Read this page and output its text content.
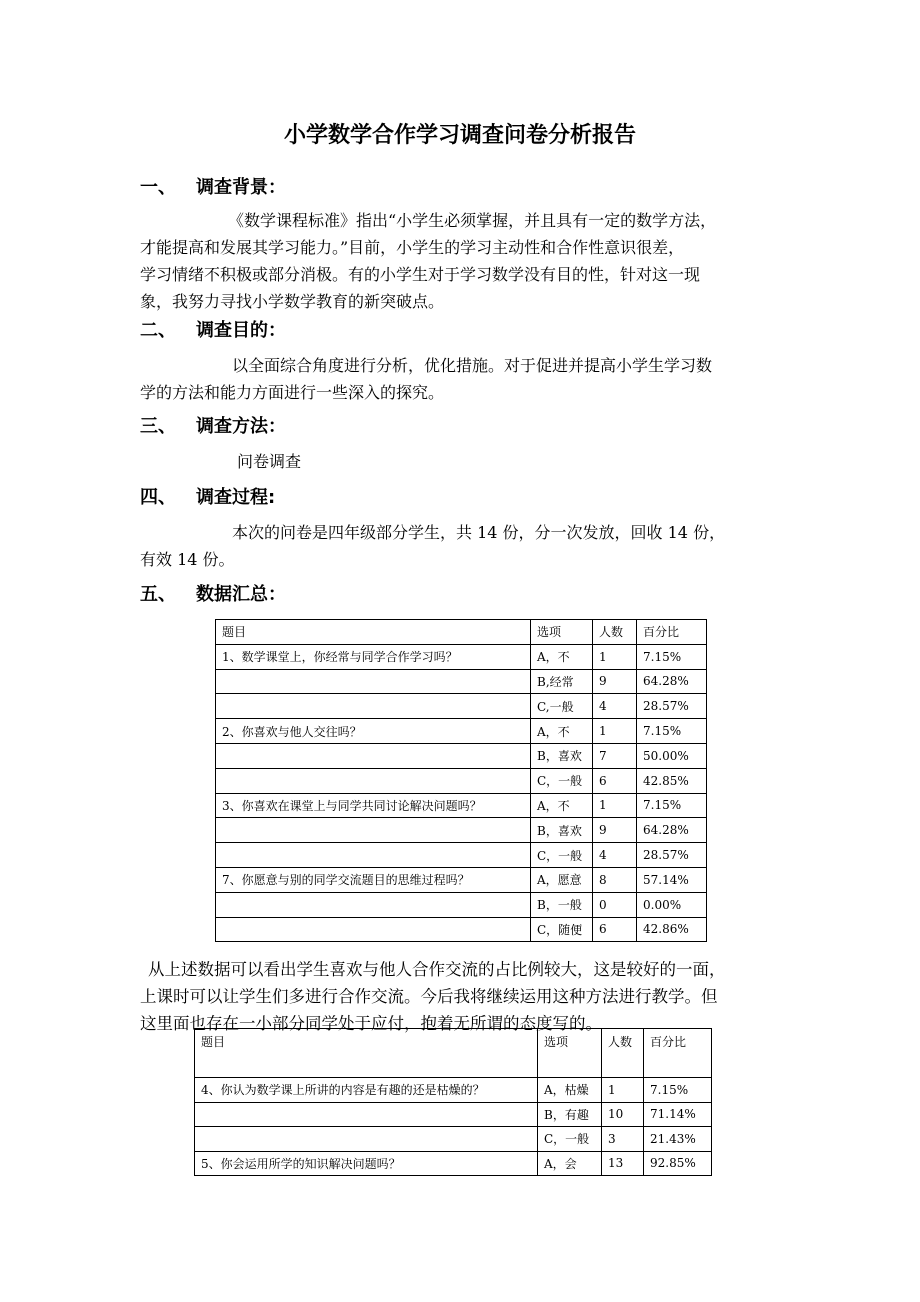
小学数学合作学习调查问卷分析报告
一、 调查背景：
《数学课程标准》指出“小学生必须掌握，并且具有一定的数学方法，
才能提高和发展其学习能力。”目前，小学生的学习主动性和合作性意识很差，
学习情绪不积极或部分消极。有的小学生对于学习数学没有目的性，针对这一现
象，我努力寻找小学数学教育的新突破点。
二、 调查目的：
以全面综合角度进行分析，优化措施。对于促进并提高小学生学习数
学的方法和能力方面进行一些深入的探究。
三、 调查方法：
问卷调查
四、 调查过程:
本次的问卷是四年级部分学生，共 14 份，分一次发放，回收 14 份，
有效 14 份。
五、 数据汇总：
题目	选项	人数	百分比
1、数学课堂上，你经常与同学合作学习吗？	A，不	1	7.15%
	B,经常	9	64.28%
	C,一般	4	28.57%
2、你喜欢与他人交往吗？	A，不	1	7.15%
	B，喜欢	7	50.00%
	C，一般	6	42.85%
3、你喜欢在课堂上与同学共同讨论解决问题吗？	A，不	1	7.15%
	B，喜欢	9	64.28%
	C，一般	4	28.57%
7、你愿意与别的同学交流题目的思维过程吗？	A，愿意	8	57.14%
	B，一般	0	0.00%
	C，随便	6	42.86%
从上述数据可以看出学生喜欢与他人合作交流的占比例较大，这是较好的一面，
上课时可以让学生们多进行合作交流。今后我将继续运用这种方法进行教学。但
这里面也存在一小部分同学处于应付，抱着无所谓的态度写的。
题目	选项	人数	百分比
4、你认为数学课上所讲的内容是有趣的还是枯燥的？	A，枯燥	1	7.15%
	B，有趣	10	71.14%
	C，一般	3	21.43%
5、你会运用所学的知识解决问题吗？	A，会	13	92.85%
